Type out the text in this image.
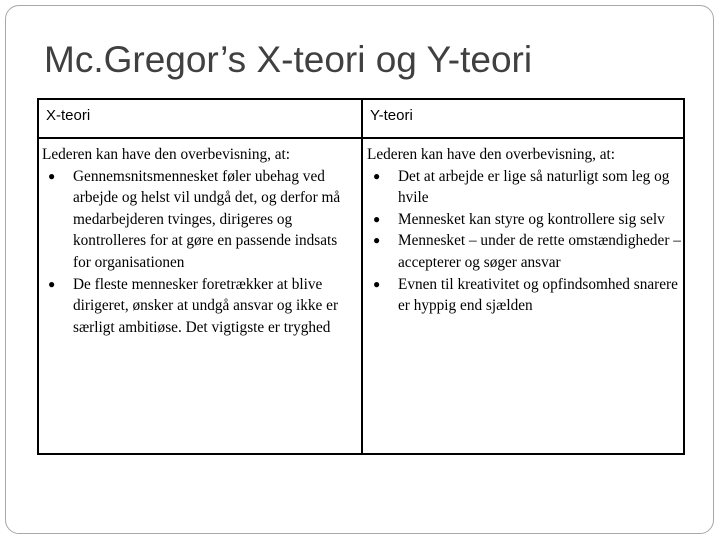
Mc.Gregor’s X-teori og Y-teori
X-teori	Y-teori
Lederen kan have den overbevisning, at:
● Gennemsnitsmennesket føler ubehag ved arbejde og helst vil undgå det, og derfor må medarbejderen tvinges, dirigeres og kontrolleres for at gøre en passende indsats for organisationen
● De fleste mennesker foretrækker at blive dirigeret, ønsker at undgå ansvar og ikke er særligt ambitiøse. Det vigtigste er tryghed
Lederen kan have den overbevisning, at:
● Det at arbejde er lige så naturligt som leg og hvile
● Mennesket kan styre og kontrollere sig selv
● Mennesket – under de rette omstændigheder – accepterer og søger ansvar
● Evnen til kreativitet og opfindsomhed snarere er hyppig end sjælden
